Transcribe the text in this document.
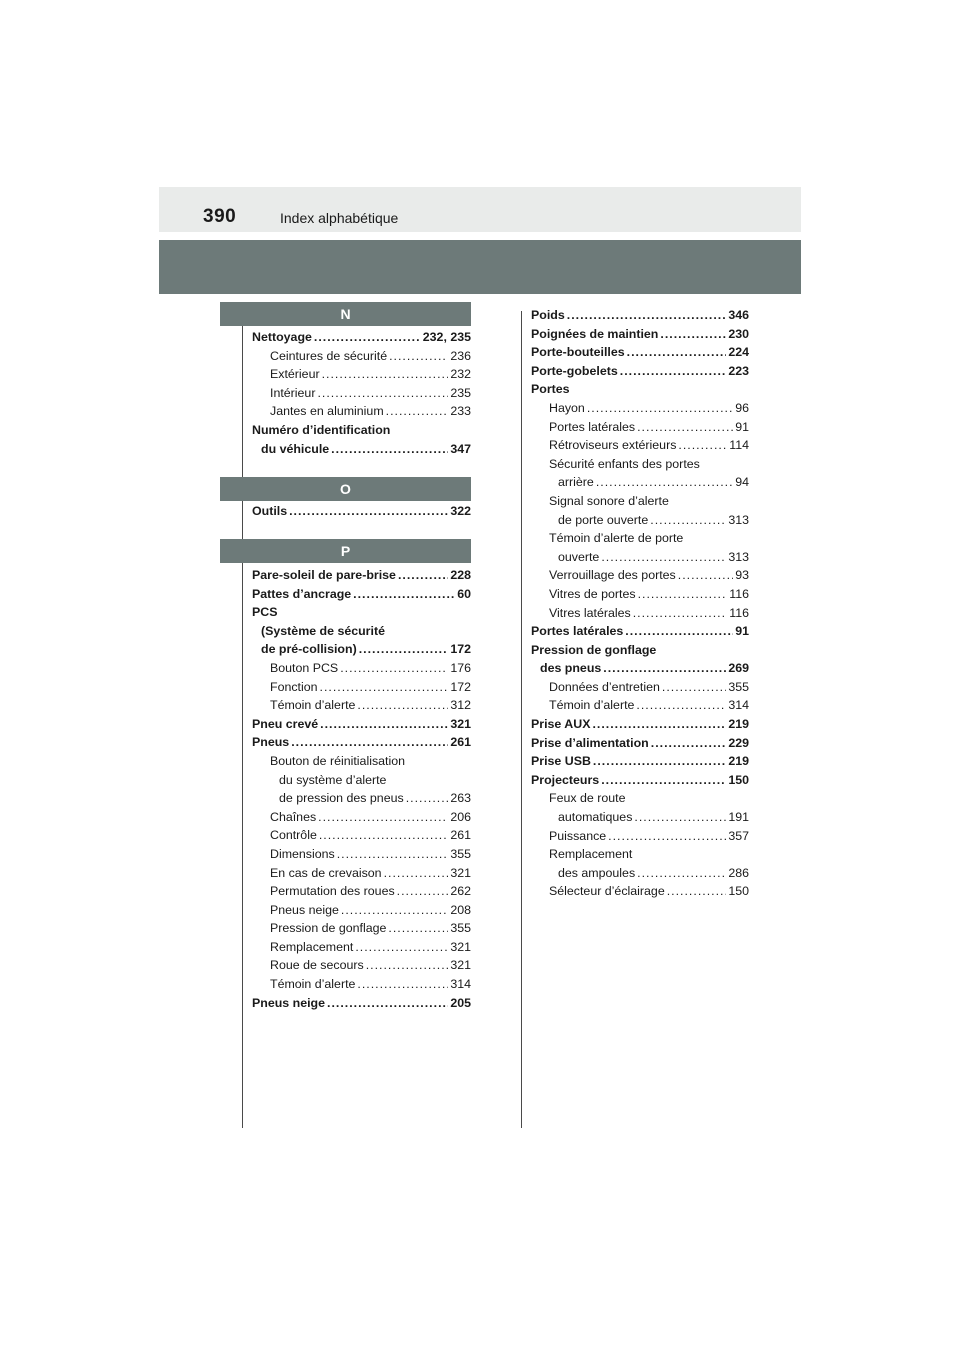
390	Index alphabétique
N
O
P
Nettoyage .....	232, 235
Ceintures de sécurité .....	236
Extérieur .....	232
Intérieur .....	235
Jantes en aluminium .....	233
Numéro d’identification
du véhicule .....	347
Outils .....	322
Pare-soleil de pare-brise .....	228
Pattes d’ancrage .....	60
PCS
(Système de sécurité
de pré-collision) .....	172
Bouton PCS .....	176
Fonction .....	172
Témoin d’alerte .....	312
Pneu crevé .....	321
Pneus .....	261
Bouton de réinitialisation
du système d’alerte
de pression des pneus .....	263
Chaînes .....	206
Contrôle .....	261
Dimensions .....	355
En cas de crevaison .....	321
Permutation des roues .....	262
Pneus neige .....	208
Pression de gonflage .....	355
Remplacement .....	321
Roue de secours .....	321
Témoin d’alerte .....	314
Pneus neige .....	205
Poids .....	346
Poignées de maintien .....	230
Porte-bouteilles .....	224
Porte-gobelets .....	223
Portes
Hayon .....	96
Portes latérales .....	91
Rétroviseurs extérieurs .....	114
Sécurité enfants des portes
arrière .....	94
Signal sonore d’alerte
de porte ouverte .....	313
Témoin d’alerte de porte
ouverte .....	313
Verrouillage des portes .....	93
Vitres de portes .....	116
Vitres latérales .....	116
Portes latérales .....	91
Pression de gonflage
des pneus .....	269
Données d’entretien .....	355
Témoin d’alerte .....	314
Prise AUX .....	219
Prise d’alimentation .....	229
Prise USB .....	219
Projecteurs .....	150
Feux de route
automatiques .....	191
Puissance .....	357
Remplacement
des ampoules .....	286
Sélecteur d’éclairage .....	150
